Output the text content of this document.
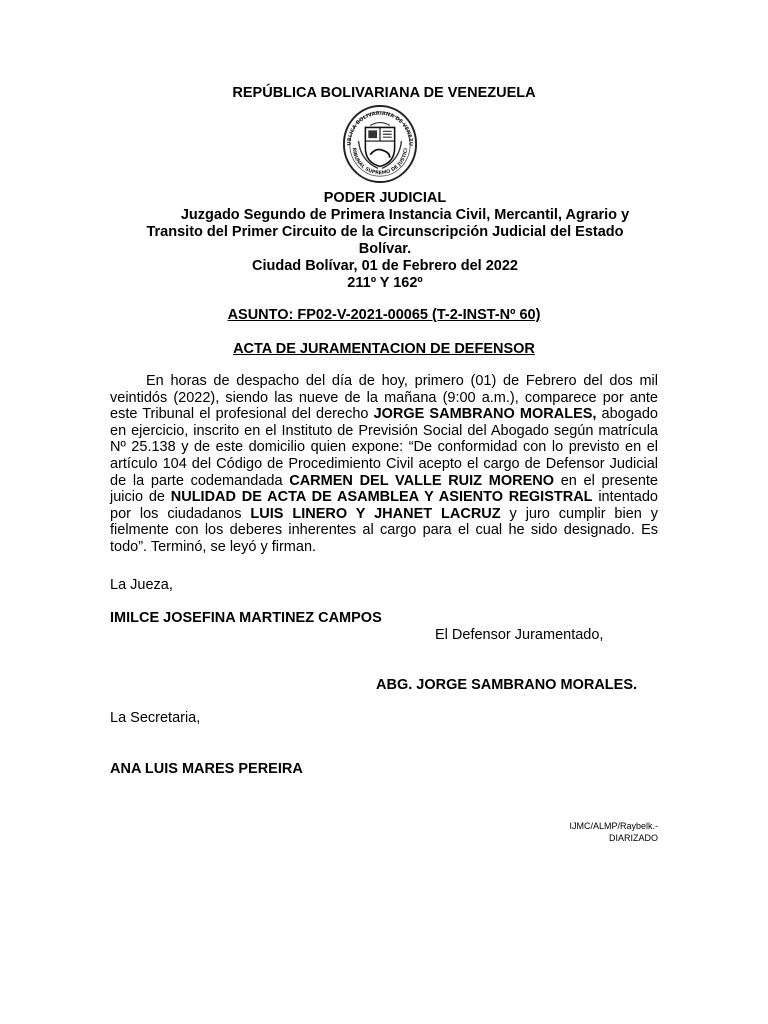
REPÚBLICA BOLIVARIANA DE VENEZUELA
UBLICA BOLIVARIANA DE VENEZU
RIBUNAL SUPREMO DE JUSTICI
PODER JUDICIAL
Juzgado Segundo de Primera Instancia Civil, Mercantil, Agrario y
Transito del Primer Circuito de la Circunscripción Judicial del Estado
Bolívar.
Ciudad Bolívar, 01 de Febrero del 2022
211º Y 162º
ASUNTO: FP02-V-2021-00065 (T-2-INST-Nº 60)
ACTA DE JURAMENTACION DE DEFENSOR
En horas de despacho del día de hoy, primero (01) de Febrero del dos mil veintidós (2022), siendo las nueve de la mañana (9:00 a.m.), comparece por ante este Tribunal el profesional del derecho JORGE SAMBRANO MORALES, abogado en ejercicio, inscrito en el Instituto de Previsión Social del Abogado según matrícula Nº 25.138 y de este domicilio quien expone: “De conformidad con lo previsto en el artículo 104 del Código de Procedimiento Civil acepto el cargo de Defensor Judicial de la parte codemandada CARMEN DEL VALLE RUIZ MORENO en el presente juicio de NULIDAD DE ACTA DE ASAMBLEA Y ASIENTO REGISTRAL intentado por los ciudadanos LUIS LINERO Y JHANET LACRUZ y juro cumplir bien y fielmente con los deberes inherentes al cargo para el cual he sido designado. Es todo”. Terminó, se leyó y firman.
La Jueza,
IMILCE JOSEFINA MARTINEZ CAMPOS
El Defensor Juramentado,
ABG. JORGE SAMBRANO MORALES.
La Secretaria,
ANA LUIS MARES PEREIRA
IJMC/ALMP/Raybelk.-
DIARIZADO
